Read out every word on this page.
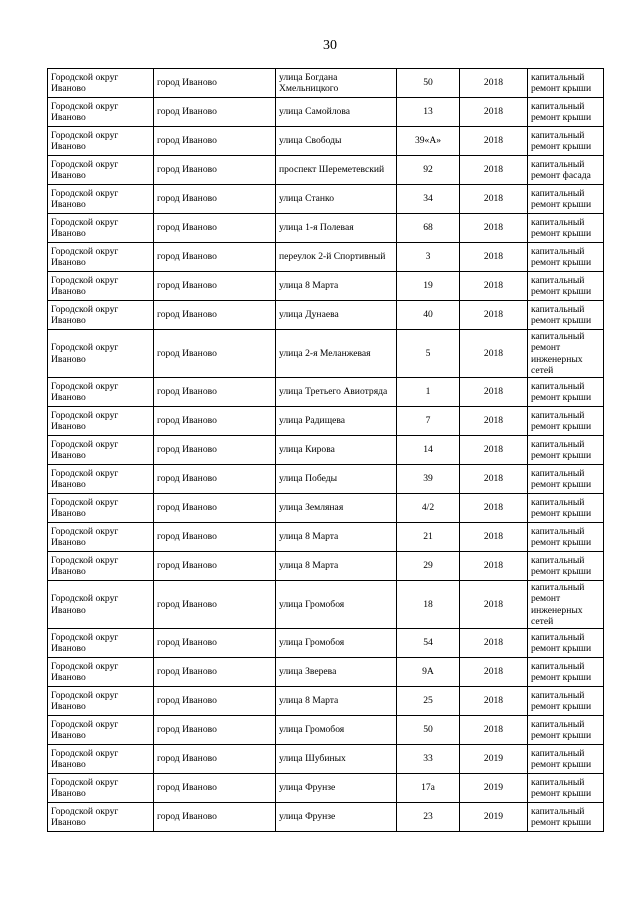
30
Городской округ Иваново	город Иваново	улица Богдана Хмельницкого	50	2018	капитальный ремонт крыши
Городской округ Иваново	город Иваново	улица Самойлова	13	2018	капитальный ремонт крыши
Городской округ Иваново	город Иваново	улица Свободы	39«А»	2018	капитальный ремонт крыши
Городской округ Иваново	город Иваново	проспект Шереметевский	92	2018	капитальный ремонт фасада
Городской округ Иваново	город Иваново	улица Станко	34	2018	капитальный ремонт крыши
Городской округ Иваново	город Иваново	улица 1-я Полевая	68	2018	капитальный ремонт крыши
Городской округ Иваново	город Иваново	переулок 2-й Спортивный	3	2018	капитальный ремонт крыши
Городской округ Иваново	город Иваново	улица 8 Марта	19	2018	капитальный ремонт крыши
Городской округ Иваново	город Иваново	улица Дунаева	40	2018	капитальный ремонт крыши
Городской округ Иваново	город Иваново	улица 2-я Меланжевая	5	2018	капитальный ремонт инженерных сетей
Городской округ Иваново	город Иваново	улица Третьего Авиотряда	1	2018	капитальный ремонт крыши
Городской округ Иваново	город Иваново	улица Радищева	7	2018	капитальный ремонт крыши
Городской округ Иваново	город Иваново	улица Кирова	14	2018	капитальный ремонт крыши
Городской округ Иваново	город Иваново	улица Победы	39	2018	капитальный ремонт крыши
Городской округ Иваново	город Иваново	улица Земляная	4/2	2018	капитальный ремонт крыши
Городской округ Иваново	город Иваново	улица 8 Марта	21	2018	капитальный ремонт крыши
Городской округ Иваново	город Иваново	улица 8 Марта	29	2018	капитальный ремонт крыши
Городской округ Иваново	город Иваново	улица Громобоя	18	2018	капитальный ремонт инженерных сетей
Городской округ Иваново	город Иваново	улица Громобоя	54	2018	капитальный ремонт крыши
Городской округ Иваново	город Иваново	улица Зверева	9А	2018	капитальный ремонт крыши
Городской округ Иваново	город Иваново	улица 8 Марта	25	2018	капитальный ремонт крыши
Городской округ Иваново	город Иваново	улица Громобоя	50	2018	капитальный ремонт крыши
Городской округ Иваново	город Иваново	улица Шубиных	33	2019	капитальный ремонт крыши
Городской округ Иваново	город Иваново	улица Фрунзе	17а	2019	капитальный ремонт крыши
Городской округ Иваново	город Иваново	улица Фрунзе	23	2019	капитальный ремонт крыши
